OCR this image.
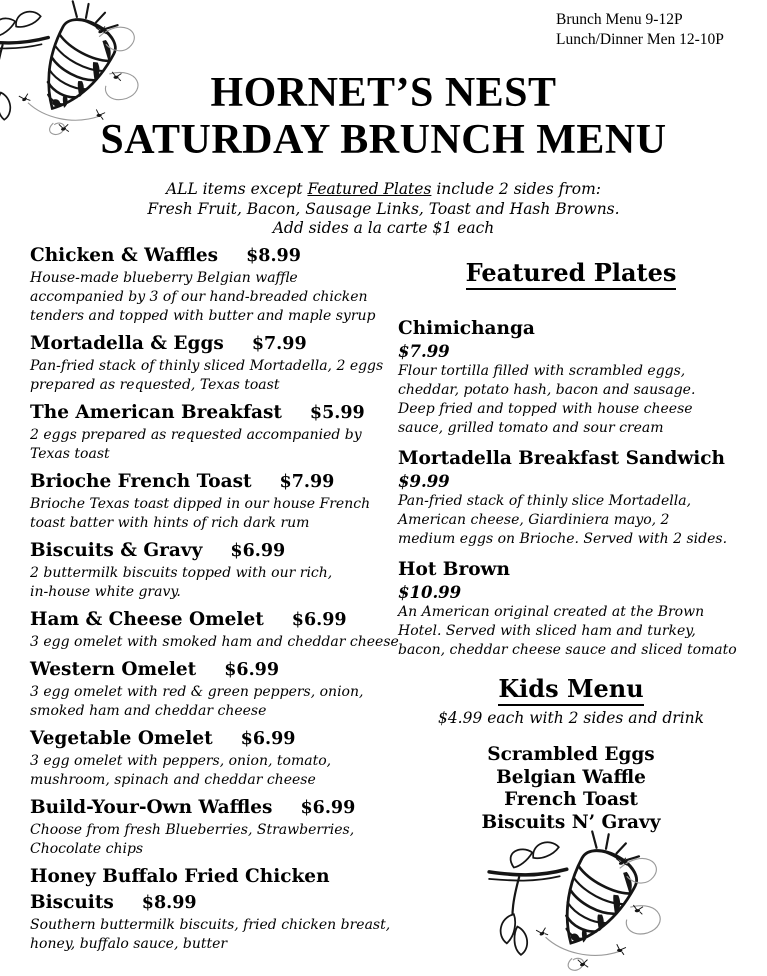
Brunch Menu 9-12P
Lunch/Dinner Men 12-10P
HORNET’S NEST
SATURDAY BRUNCH MENU
ALL items except Featured Plates include 2 sides from:
Fresh Fruit, Bacon, Sausage Links, Toast and Hash Browns.
Add sides a la carte $1 each
Chicken & Waffles $8.99
House-made blueberry Belgian waffle
accompanied by 3 of our hand-breaded chicken
tenders and topped with butter and maple syrup
Mortadella & Eggs $7.99
Pan-fried stack of thinly sliced Mortadella, 2 eggs
prepared as requested, Texas toast
The American Breakfast $5.99
2 eggs prepared as requested accompanied by
Texas toast
Brioche French Toast $7.99
Brioche Texas toast dipped in our house French
toast batter with hints of rich dark rum
Biscuits & Gravy $6.99
2 buttermilk biscuits topped with our rich,
in-house white gravy.
Ham & Cheese Omelet $6.99
3 egg omelet with smoked ham and cheddar cheese
Western Omelet $6.99
3 egg omelet with red & green peppers, onion,
smoked ham and cheddar cheese
Vegetable Omelet $6.99
3 egg omelet with peppers, onion, tomato,
mushroom, spinach and cheddar cheese
Build-Your-Own Waffles $6.99
Choose from fresh Blueberries, Strawberries,
Chocolate chips
Honey Buffalo Fried Chicken
Biscuits $8.99
Southern buttermilk biscuits, fried chicken breast,
honey, buffalo sauce, butter
Featured Plates
Chimichanga
$7.99
Flour tortilla filled with scrambled eggs,
cheddar, potato hash, bacon and sausage.
Deep fried and topped with house cheese
sauce, grilled tomato and sour cream
Mortadella Breakfast Sandwich
$9.99
Pan-fried stack of thinly slice Mortadella,
American cheese, Giardiniera mayo, 2
medium eggs on Brioche. Served with 2 sides.
Hot Brown
$10.99
An American original created at the Brown
Hotel. Served with sliced ham and turkey,
bacon, cheddar cheese sauce and sliced tomato
Kids Menu
$4.99 each with 2 sides and drink
Scrambled Eggs
Belgian Waffle
French Toast
Biscuits N’ Gravy
